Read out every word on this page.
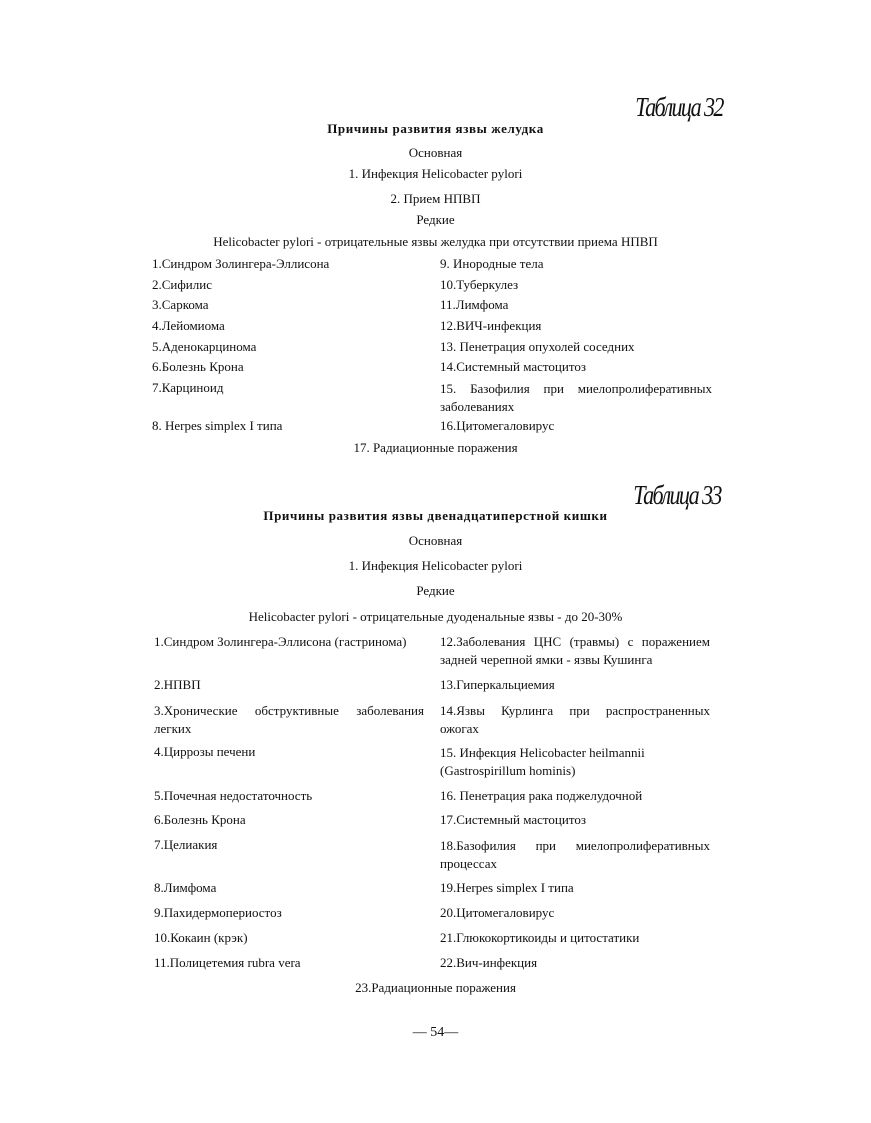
Таблица 32
Причины развития язвы желудка
Основная
1. Инфекция Helicobacter pylori
2. Прием НПВП
Редкие
Helicobacter pylori - отрицательные язвы желудка при отсутствии приема НПВП
1.Синдром Золингера-Эллисона
2.Сифилис
3.Саркома
4.Лейомиома
5.Аденокарцинома
6.Болезнь Крона
7.Карциноид
8. Herpes simplex I типа
9. Инородные тела
10.Туберкулез
11.Лимфома
12.ВИЧ-инфекция
13. Пенетрация опухолей соседних
14.Системный мастоцитоз
15. Базофилия при миелопролиферативных заболеваниях
16.Цитомегаловирус
17. Радиационные поражения
Таблица 33
Причины развития язвы двенадцатиперстной кишки
Основная
1. Инфекция Helicobacter pylori
Редкие
Helicobacter pylori - отрицательные дуоденальные язвы - до 20-30%
1.Синдром Золингера-Эллисона (гастринома)
2.НПВП
3.Хронические обструктивные заболевания легких
4.Циррозы печени
5.Почечная недостаточность
6.Болезнь Крона
7.Целиакия
8.Лимфома
9.Пахидермопериостоз
10.Кокаин (крэк)
11.Полицетемия rubra vera
12.Заболевания ЦНС (травмы) с поражением задней черепной ямки - язвы Кушинга
13.Гиперкальциемия
14.Язвы Курлинга при распространенных ожогах
15. Инфекция Helicobacter heilmannii (Gastrospirillum hominis)
16. Пенетрация рака поджелудочной
17.Системный мастоцитоз
18.Базофилия при миелопролиферативных процессах
19.Herpes simplex I типа
20.Цитомегаловирус
21.Глюкокортикоиды и цитостатики
22.Вич-инфекция
23.Радиационные поражения
— 54—
